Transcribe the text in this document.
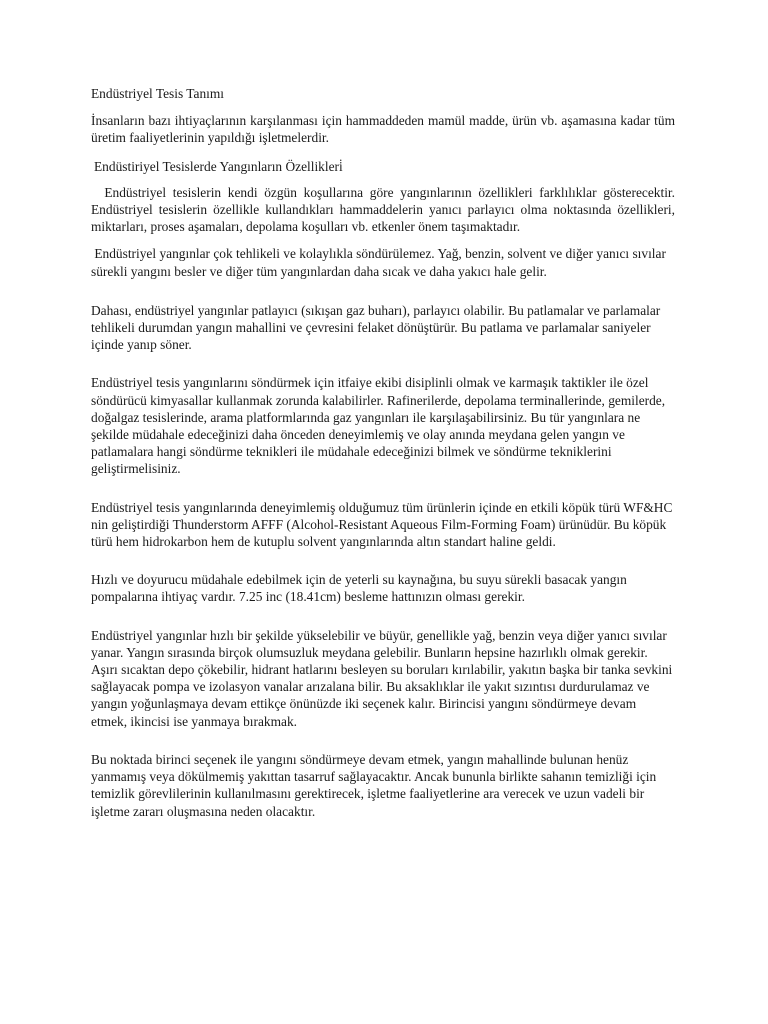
Endüstriyel Tesis Tanımı

İnsanların bazı ihtiyaçlarının karşılanması için hammaddeden mamül madde, ürün vb. aşamasına kadar tüm üretim faaliyetlerinin yapıldığı işletmelerdir.

Endüstiriyel Tesislerde Yangınların Özellikleri̇

Endüstriyel tesislerin kendi özgün koşullarına göre yangınlarının özellikleri farklılıklar gösterecektir. Endüstriyel tesislerin özellikle kullandıkları hammaddelerin yanıcı parlayıcı olma noktasında özellikleri, miktarları, proses aşamaları, depolama koşulları vb. etkenler önem taşımaktadır.

Endüstriyel yangınlar çok tehlikeli ve kolaylıkla söndürülemez. Yağ, benzin, solvent ve diğer yanıcı sıvılar sürekli yangını besler ve diğer tüm yangınlardan daha sıcak ve daha yakıcı hale gelir.

Dahası, endüstriyel yangınlar patlayıcı (sıkışan gaz buharı), parlayıcı olabilir. Bu patlamalar ve parlamalar tehlikeli durumdan yangın mahallini ve çevresini felaket dönüştürür. Bu patlama ve parlamalar saniyeler içinde yanıp söner.

Endüstriyel tesis yangınlarını söndürmek için itfaiye ekibi disiplinli olmak ve karmaşık taktikler ile özel söndürücü kimyasallar kullanmak zorunda kalabilirler. Rafinerilerde, depolama terminallerinde, gemilerde, doğalgaz tesislerinde, arama platformlarında gaz yangınları ile karşılaşabilirsiniz. Bu tür yangınlara ne şekilde müdahale edeceğinizi daha önceden deneyimlemiş ve olay anında meydana gelen yangın ve patlamalara hangi söndürme teknikleri ile müdahale edeceğinizi bilmek ve söndürme tekniklerini geliştirmelisiniz.

Endüstriyel tesis yangınlarında deneyimlemiş olduğumuz tüm ürünlerin içinde en etkili köpük türü WF&HC nin geliştirdiği Thunderstorm AFFF (Alcohol-Resistant Aqueous Film-Forming Foam) ürünüdür. Bu köpük türü hem hidrokarbon hem de kutuplu solvent yangınlarında altın standart haline geldi.

Hızlı ve doyurucu müdahale edebilmek için de yeterli su kaynağına, bu suyu sürekli basacak yangın pompalarına ihtiyaç vardır. 7.25 inc (18.41cm) besleme hattınızın olması gerekir.

Endüstriyel yangınlar hızlı bir şekilde yükselebilir ve büyür, genellikle yağ, benzin veya diğer yanıcı sıvılar yanar. Yangın sırasında birçok olumsuzluk meydana gelebilir. Bunların hepsine hazırlıklı olmak gerekir. Aşırı sıcaktan depo çökebilir, hidrant hatlarını besleyen su boruları kırılabilir, yakıtın başka bir tanka sevkini sağlayacak pompa ve izolasyon vanalar arızalana bilir. Bu aksaklıklar ile yakıt sızıntısı durdurulamaz ve yangın yoğunlaşmaya devam ettikçe önünüzde iki seçenek kalır. Birincisi yangını söndürmeye devam etmek, ikincisi ise yanmaya bırakmak.

Bu noktada birinci seçenek ile yangını söndürmeye devam etmek, yangın mahallinde bulunan henüz yanmamış veya dökülmemiş yakıttan tasarruf sağlayacaktır. Ancak bununla birlikte sahanın temizliği için temizlik görevlilerinin kullanılmasını gerektirecek, işletme faaliyetlerine ara verecek ve uzun vadeli bir işletme zararı oluşmasına neden olacaktır.
